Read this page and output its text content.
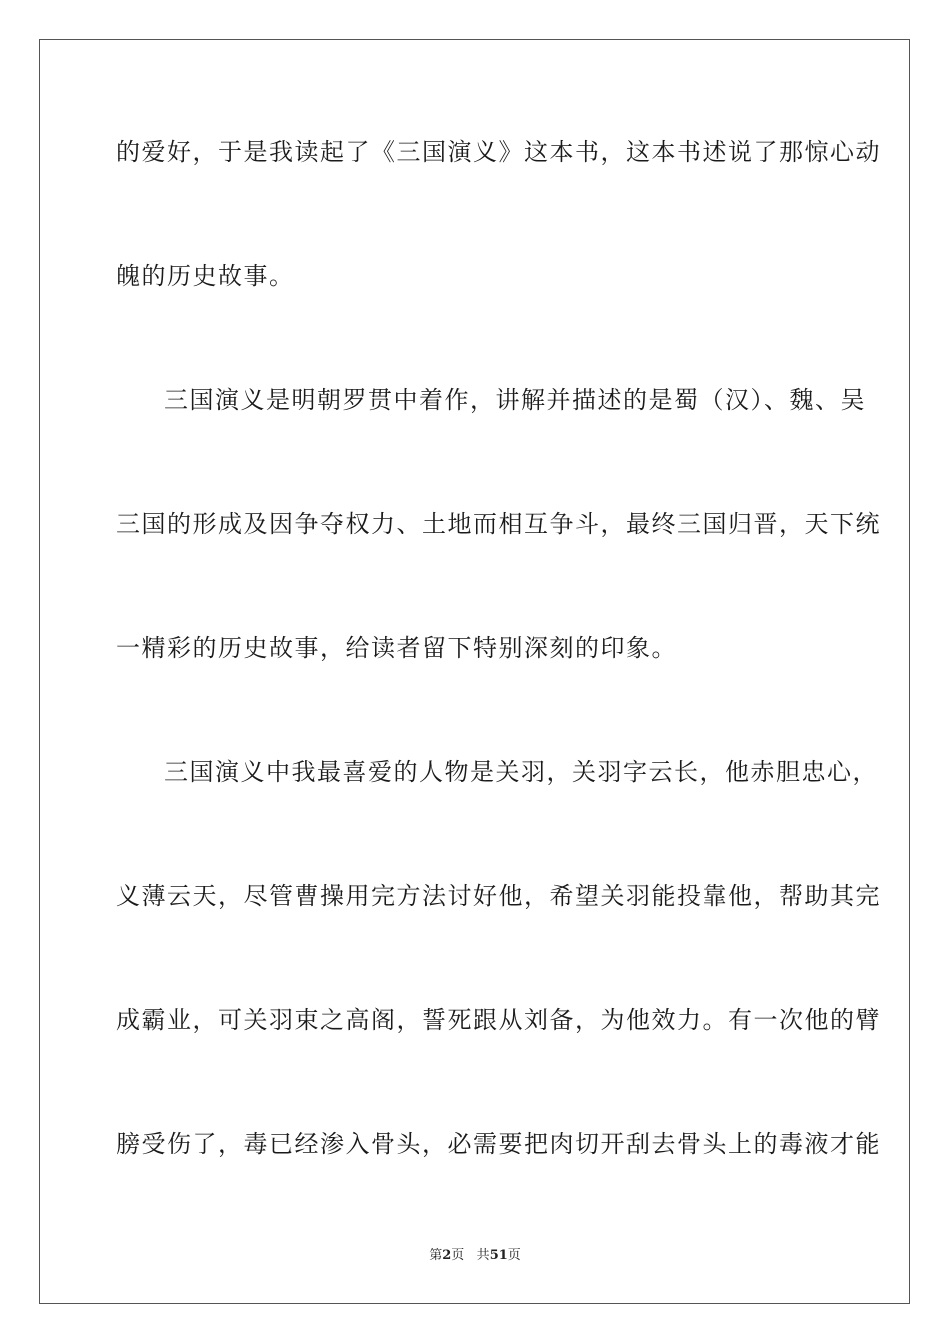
的爱好，于是我读起了《三国演义》这本书，这本书述说了那惊心动
魄的历史故事。
三国演义是明朝罗贯中着作，讲解并描述的是蜀（汉）、魏、吴
三国的形成及因争夺权力、土地而相互争斗，最终三国归晋，天下统
一精彩的历史故事，给读者留下特别深刻的印象。
三国演义中我最喜爱的人物是关羽，关羽字云长，他赤胆忠心，
义薄云天，尽管曹操用完方法讨好他，希望关羽能投靠他，帮助其完
成霸业，可关羽束之高阁，誓死跟从刘备，为他效力。有一次他的臂
膀受伤了，毒已经渗入骨头，必需要把肉切开刮去骨头上的毒液才能
第2页 共51页
